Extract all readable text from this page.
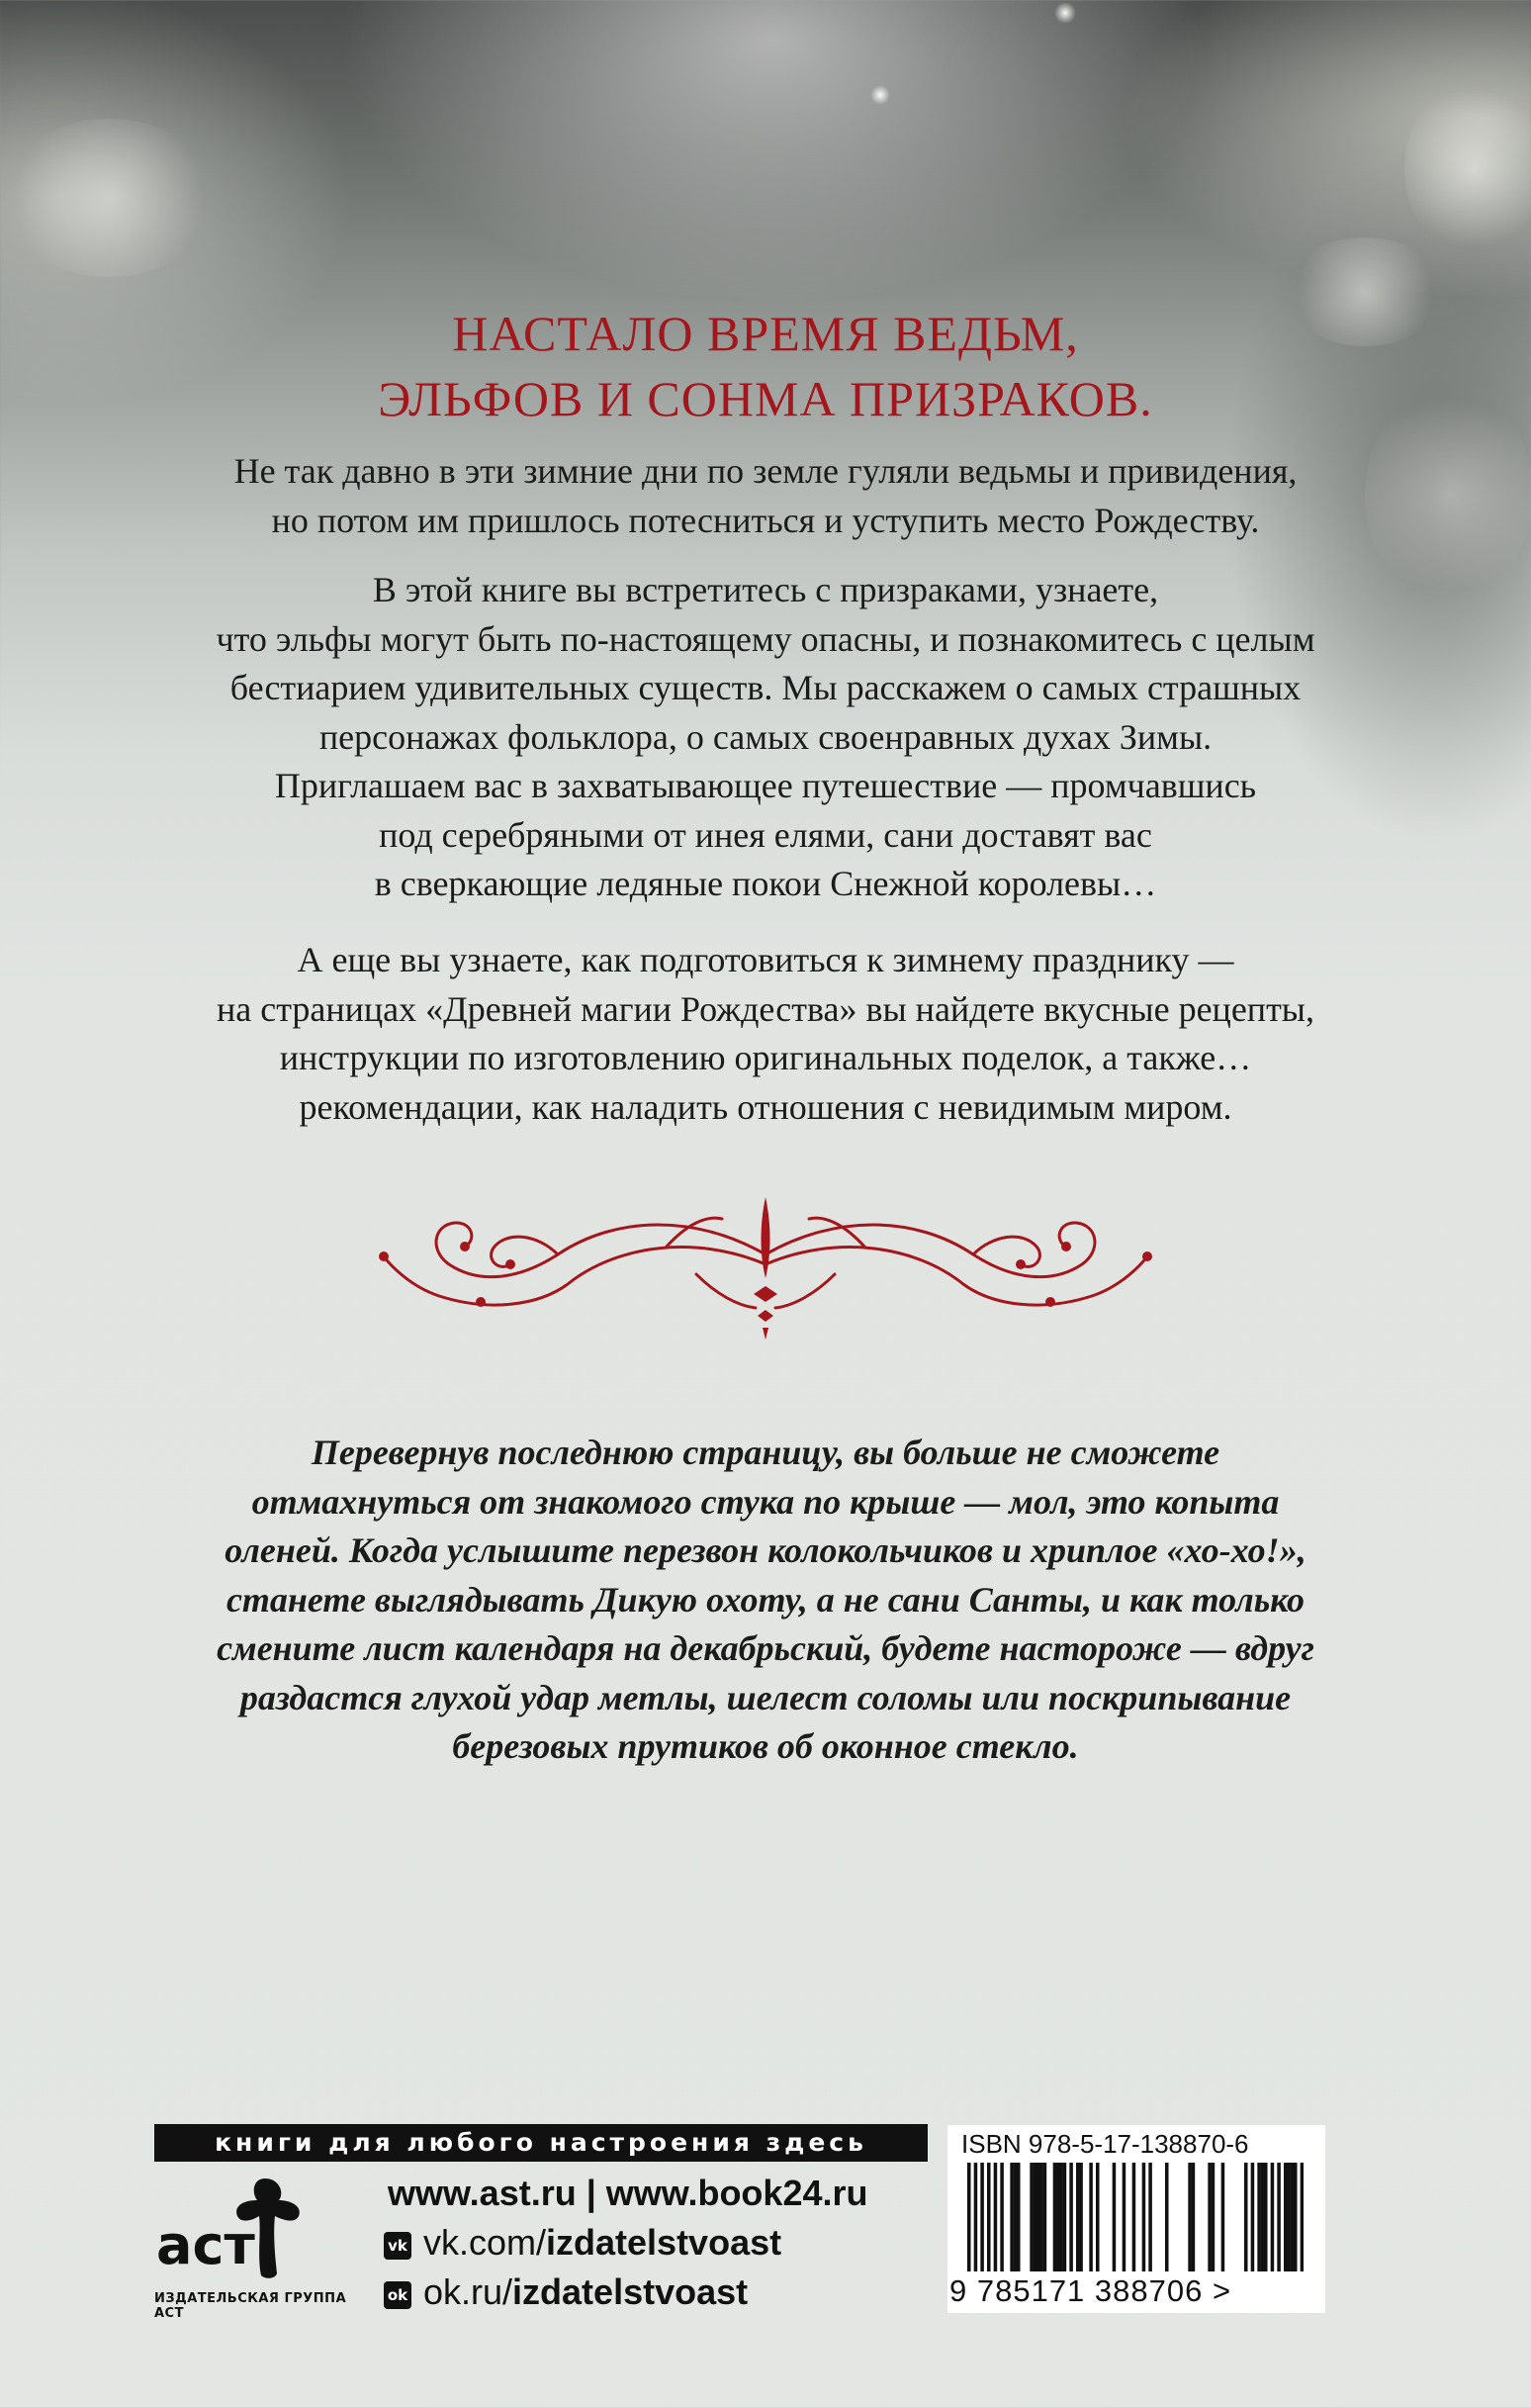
НАСТАЛО ВРЕМЯ ВЕДЬМ,
ЭЛЬФОВ И СОНМА ПРИЗРАКОВ.
Не так давно в эти зимние дни по земле гуляли ведьмы и привидения,
но потом им пришлось потесниться и уступить место Рождеству.
В этой книге вы встретитесь с призраками, узнаете,
что эльфы могут быть по-настоящему опасны, и познакомитесь с целым
бестиарием удивительных существ. Мы расскажем о самых страшных
персонажах фольклора, о самых своенравных духах Зимы.
Приглашаем вас в захватывающее путешествие — промчавшись
под серебряными от инея елями, сани доставят вас
в сверкающие ледяные покои Снежной королевы…
А еще вы узнаете, как подготовиться к зимнему празднику —
на страницах «Древней магии Рождества» вы найдете вкусные рецепты,
инструкции по изготовлению оригинальных поделок, а также…
рекомендации, как наладить отношения с невидимым миром.
Перевернув последнюю страницу, вы больше не сможете
отмахнуться от знакомого стука по крыше — мол, это копыта
оленей. Когда услышите перезвон колокольчиков и хриплое «хо-хо!»,
станете выглядывать Дикую охоту, а не сани Санты, и как только
смените лист календаря на декабрьский, будете настороже — вдруг
раздастся глухой удар метлы, шелест соломы или поскрипывание
березовых прутиков об оконное стекло.
книги для любого настроения здесь
аст
ИЗДАТЕЛЬСКАЯ ГРУППА АСТ
www.ast.ru | www.book24.ru
vk vk.com/izdatelstvoast
ok ok.ru/izdatelstvoast
ISBN 978-5-17-138870-6
9 785171 388706 >
